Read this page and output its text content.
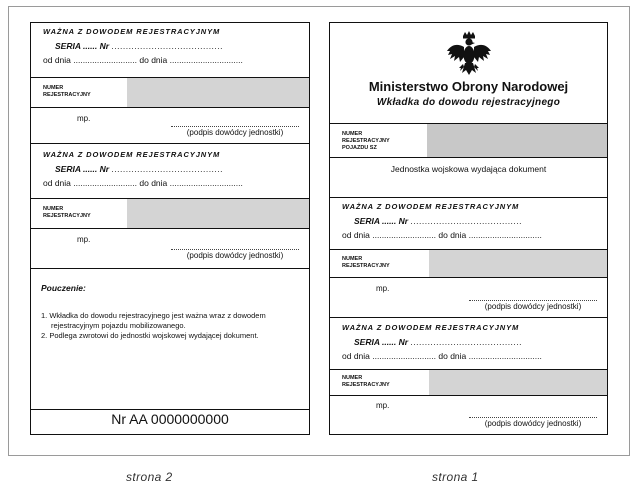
WAŻNA Z DOWODEM REJESTRACYJNYM
SERIA ...... Nr .......................................
od dnia ........................... do dnia ...............................
NUMER
REJESTRACYJNY
mp.
(podpis dowódcy jednostki)
WAŻNA Z DOWODEM REJESTRACYJNYM
SERIA ...... Nr .......................................
od dnia ........................... do dnia ...............................
NUMER
REJESTRACYJNY
mp.
(podpis dowódcy jednostki)
Pouczenie:
1. Wkładka do dowodu rejestracyjnego jest ważna wraz z dowodem rejestracyjnym pojazdu mobilizowanego.
2. Podlega zwrotowi do jednostki wojskowej wydającej dokument.
Nr AA 0000000000
Ministerstwo Obrony Narodowej
Wkładka do dowodu rejestracyjnego
NUMER
REJESTRACYJNY
POJAZDU SZ
Jednostka wojskowa wydająca dokument
WAŻNA Z DOWODEM REJESTRACYJNYM
SERIA ...... Nr .......................................
od dnia ........................... do dnia ...............................
NUMER
REJESTRACYJNY
mp.
(podpis dowódcy jednostki)
WAŻNA Z DOWODEM REJESTRACYJNYM
SERIA ...... Nr .......................................
od dnia ........................... do dnia ...............................
NUMER
REJESTRACYJNY
mp.
(podpis dowódcy jednostki)
strona 2	strona 1
